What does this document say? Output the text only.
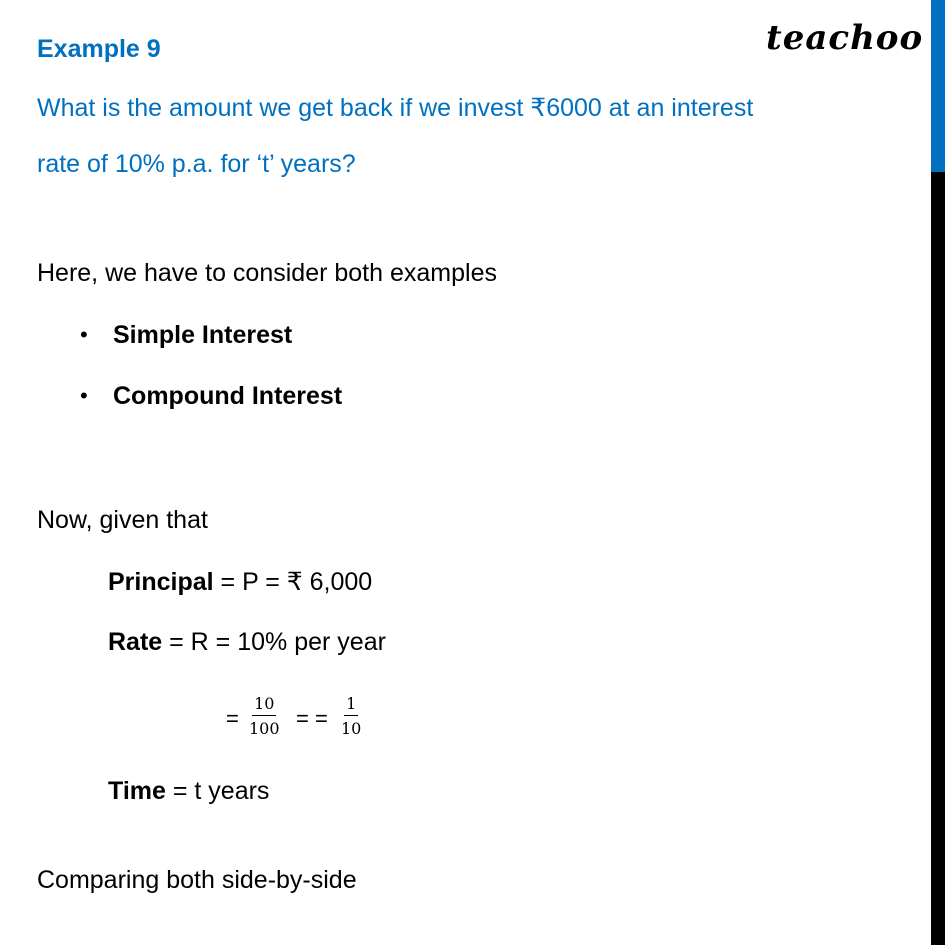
teachoo
Example 9
What is the amount we get back if we invest ₹6000 at an interest
rate of 10% p.a. for ‘t’ years?
Here, we have to consider both examples
• Simple Interest
• Compound Interest
Now, given that
Principal = P = ₹ 6,000
Rate = R = 10% per year
= $\frac{10}{100}$ = = $\frac{1}{10}$
Time = t years
Comparing both side-by-side
